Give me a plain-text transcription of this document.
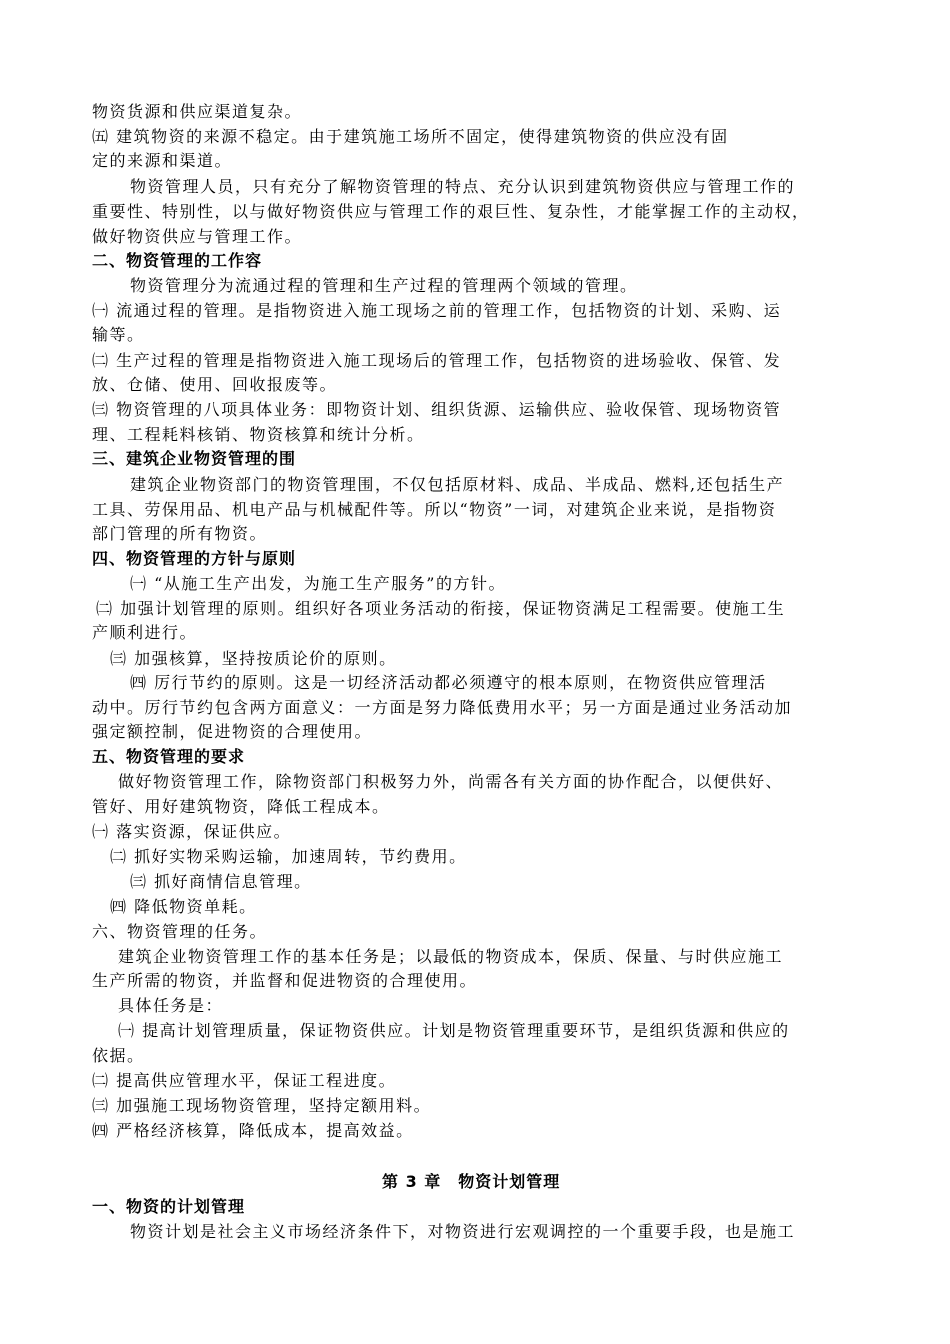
物资货源和供应渠道复杂。
㈤ 建筑物资的来源不稳定。由于建筑施工场所不固定，使得建筑物资的供应没有固
定的来源和渠道。
物资管理人员，只有充分了解物资管理的特点、充分认识到建筑物资供应与管理工作的
重要性、特别性，以与做好物资供应与管理工作的艰巨性、复杂性，才能掌握工作的主动权，
做好物资供应与管理工作。
二、物资管理的工作容
物资管理分为流通过程的管理和生产过程的管理两个领域的管理。
㈠ 流通过程的管理。是指物资进入施工现场之前的管理工作，包括物资的计划、采购、运
输等。
㈡ 生产过程的管理是指物资进入施工现场后的管理工作，包括物资的进场验收、保管、发
放、仓储、使用、回收报废等。
㈢ 物资管理的八项具体业务：即物资计划、组织货源、运输供应、验收保管、现场物资管
理、工程耗料核销、物资核算和统计分析。
三、建筑企业物资管理的围
建筑企业物资部门的物资管理围，不仅包括原材料、成品、半成品、燃料,还包括生产
工具、劳保用品、机电产品与机械配件等。所以“物资”一词，对建筑企业来说，是指物资
部门管理的所有物资。
四、物资管理的方针与原则
㈠ “从施工生产出发，为施工生产服务”的方针。
㈡ 加强计划管理的原则。组织好各项业务活动的衔接，保证物资满足工程需要。使施工生
产顺利进行。
㈢ 加强核算，坚持按质论价的原则。
㈣ 厉行节约的原则。这是一切经济活动都必须遵守的根本原则，在物资供应管理活
动中。厉行节约包含两方面意义：一方面是努力降低费用水平；另一方面是通过业务活动加
强定额控制，促进物资的合理使用。
五、物资管理的要求
做好物资管理工作，除物资部门积极努力外，尚需各有关方面的协作配合，以便供好、
管好、用好建筑物资，降低工程成本。
㈠ 落实资源，保证供应。
㈡ 抓好实物采购运输，加速周转，节约费用。
㈢ 抓好商情信息管理。
㈣ 降低物资单耗。
六、物资管理的任务。
建筑企业物资管理工作的基本任务是；以最低的物资成本，保质、保量、与时供应施工
生产所需的物资，并监督和促进物资的合理使用。
具体任务是：
㈠ 提高计划管理质量，保证物资供应。计划是物资管理重要环节，是组织货源和供应的
依据。
㈡ 提高供应管理水平，保证工程进度。
㈢ 加强施工现场物资管理，坚持定额用料。
㈣ 严格经济核算，降低成本，提高效益。
第 3 章　物资计划管理
一、物资的计划管理
物资计划是社会主义市场经济条件下，对物资进行宏观调控的一个重要手段，也是施工
